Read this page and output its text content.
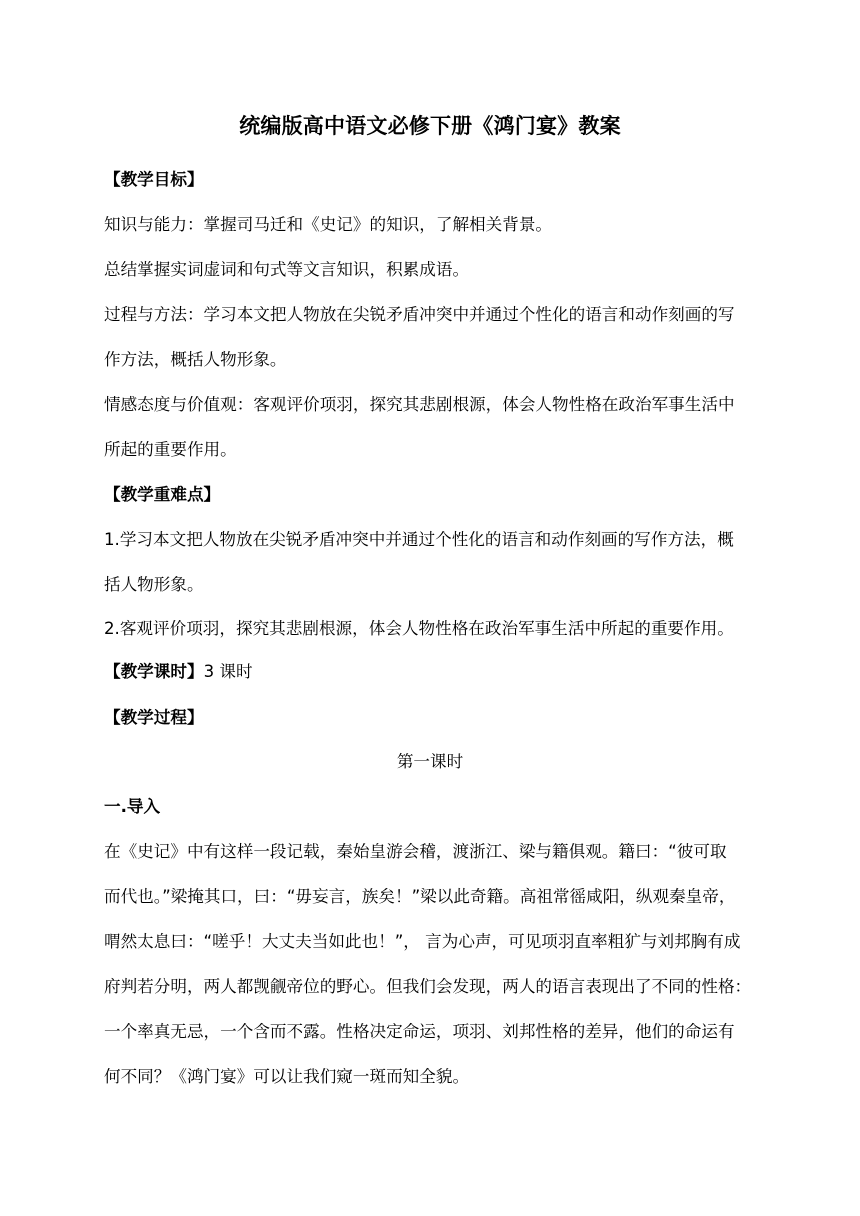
统编版高中语文必修下册《鸿门宴》教案
【教学目标】
知识与能力：掌握司马迁和《史记》的知识，了解相关背景。
总结掌握实词虚词和句式等文言知识，积累成语。
过程与方法：学习本文把人物放在尖锐矛盾冲突中并通过个性化的语言和动作刻画的写
作方法，概括人物形象。
情感态度与价值观：客观评价项羽，探究其悲剧根源，体会人物性格在政治军事生活中
所起的重要作用。
【教学重难点】
1.学习本文把人物放在尖锐矛盾冲突中并通过个性化的语言和动作刻画的写作方法，概
括人物形象。
2.客观评价项羽，探究其悲剧根源，体会人物性格在政治军事生活中所起的重要作用。
【教学课时】3 课时
【教学过程】
第一课时
一.导入
在《史记》中有这样一段记载，秦始皇游会稽，渡浙江、梁与籍俱观。籍曰：“彼可取
而代也。”梁掩其口，曰：“毋妄言，族矣！”梁以此奇籍。高祖常徭咸阳，纵观秦皇帝，
喟然太息曰：“嗟乎！大丈夫当如此也！”， 言为心声，可见项羽直率粗犷与刘邦胸有成
府判若分明，两人都觊觎帝位的野心。但我们会发现，两人的语言表现出了不同的性格：
一个率真无忌，一个含而不露。性格决定命运，项羽、刘邦性格的差异，他们的命运有
何不同？《鸿门宴》可以让我们窥一斑而知全貌。
